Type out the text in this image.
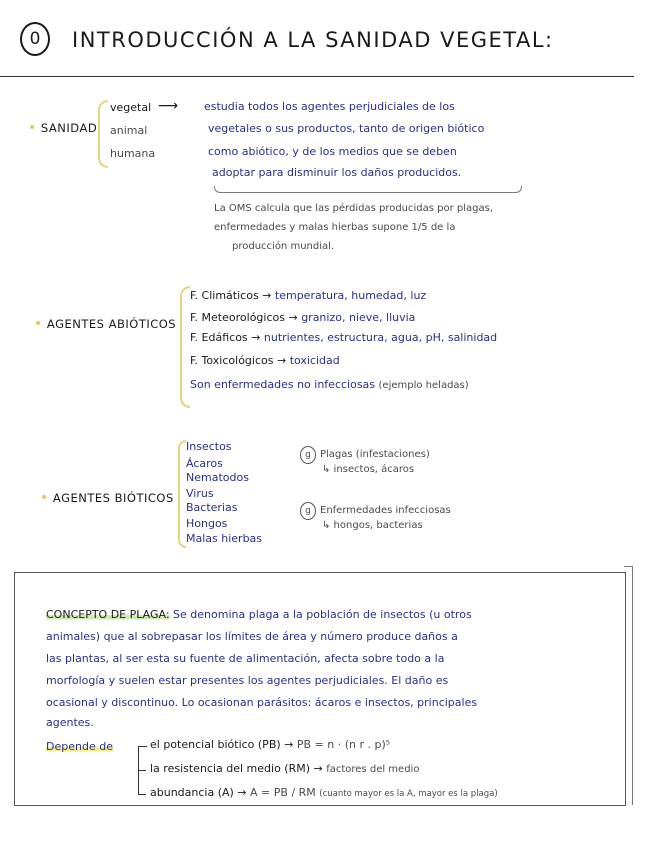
0 INTRODUCCIÓN A LA SANIDAD VEGETAL:
• SANIDAD
vegetal
animal
humana
⟶ estudia todos los agentes perjudiciales de los
vegetales o sus productos, tanto de origen biótico
como abiótico, y de los medios que se deben
adoptar para disminuir los daños producidos.
La OMS calcula que las pérdidas producidas por plagas,
enfermedades y malas hierbas supone 1/5 de la
producción mundial.
• AGENTES ABIÓTICOS
F. Climáticos → temperatura, humedad, luz
F. Meteorológicos → granizo, nieve, lluvia
F. Edáficos → nutrientes, estructura, agua, pH, salinidad
F. Toxicológicos → toxicidad
Son enfermedades no infecciosas (ejemplo heladas)
• AGENTES BIÓTICOS
Insectos
Ácaros
Nematodos
Virus
Bacterias
Hongos
Malas hierbas
g Plagas (infestaciones)
↳ insectos, ácaros
g Enfermedades infecciosas
↳ hongos, bacterias
CONCEPTO DE PLAGA: Se denomina plaga a la población de insectos (u otros
animales) que al sobrepasar los límites de área y número produce daños a
las plantas, al ser esta su fuente de alimentación, afecta sobre todo a la
morfología y suelen estar presentes los agentes perjudiciales. El daño es
ocasional y discontinuo. Lo ocasionan parásitos: ácaros e insectos, principales
agentes.
Depende de	el potencial biótico (PB) → PB = n · (n r . p)⁵
la resistencia del medio (RM) → factores del medio
abundancia (A) → A = PB / RM (cuanto mayor es la A, mayor es la plaga)
